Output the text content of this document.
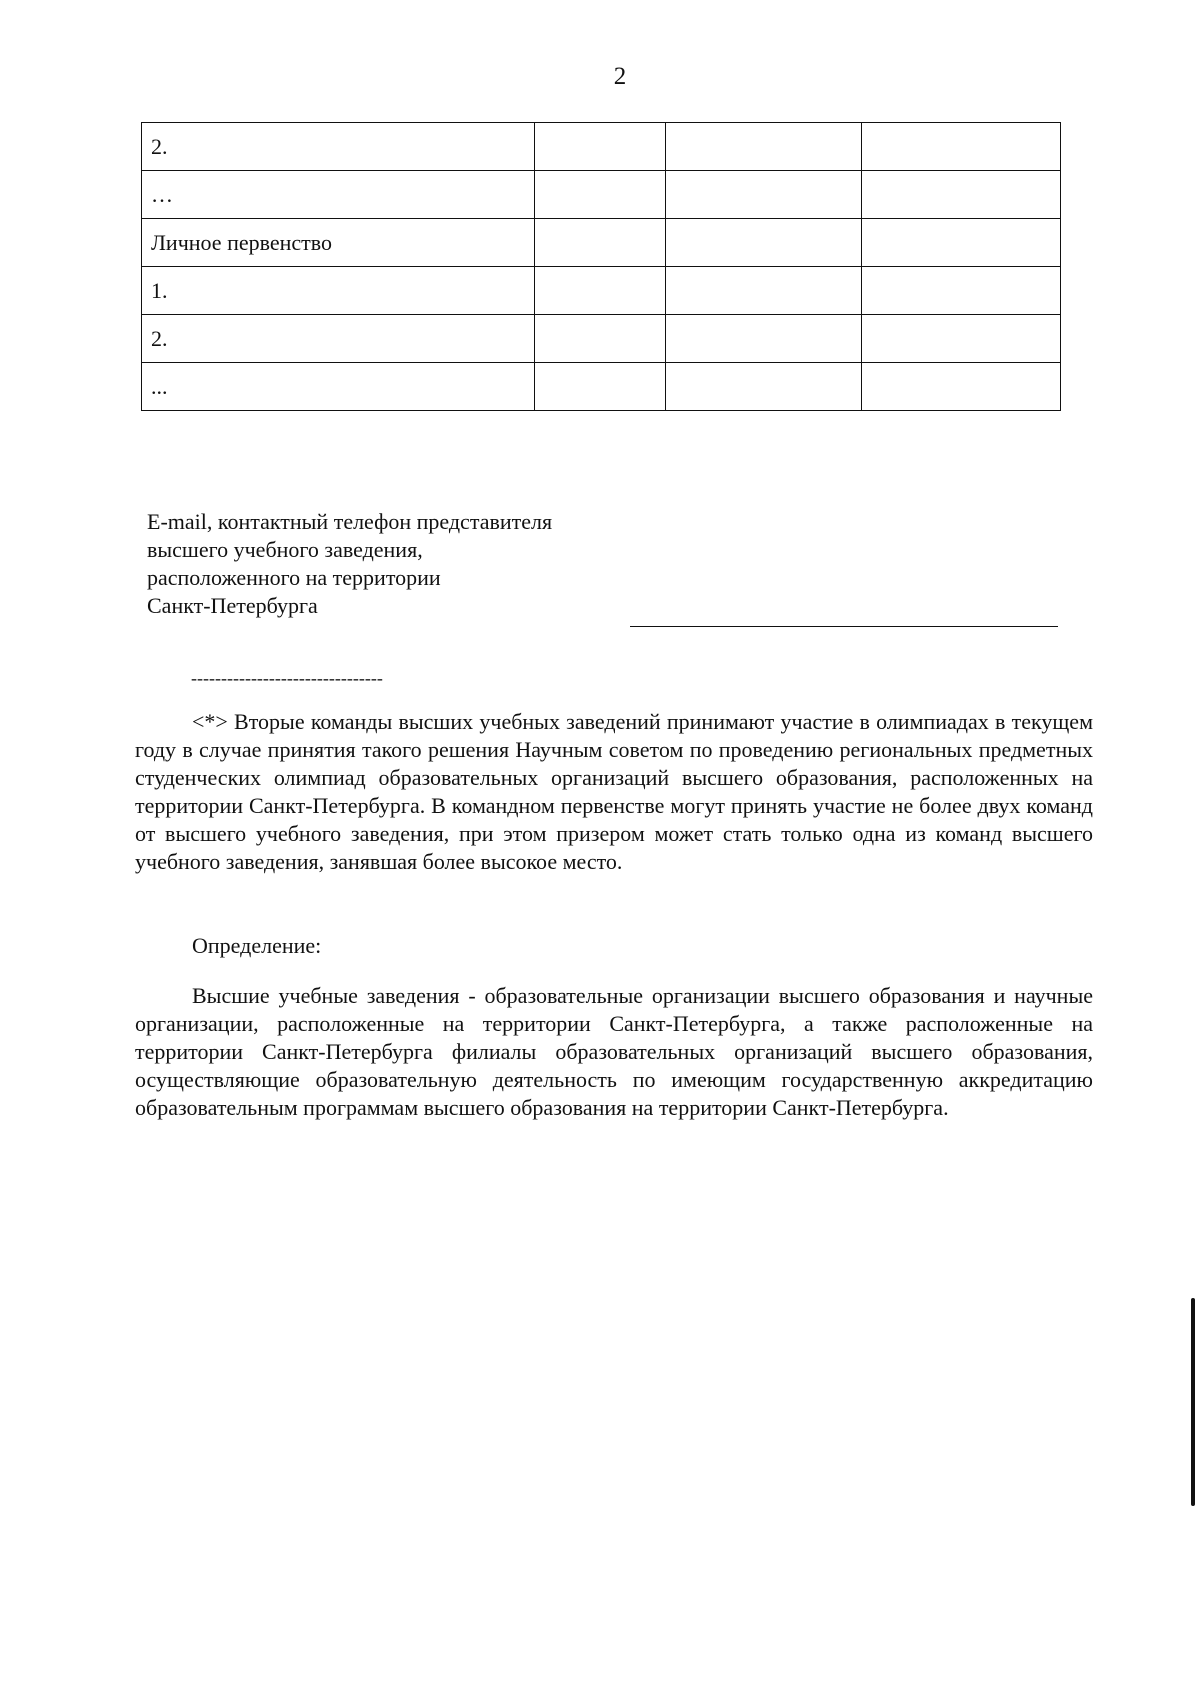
2
2.			
…			
Личное первенство			
1.			
2.			
...			
E-mail, контактный телефон представителя
высшего учебного заведения,
расположенного на территории
Санкт-Петербурга
--------------------------------
<*> Вторые команды высших учебных заведений принимают участие в олимпиадах в текущем году в случае принятия такого решения Научным советом по проведению региональных предметных студенческих олимпиад образовательных организаций высшего образования, расположенных на территории Санкт-Петербурга. В командном первенстве могут принять участие не более двух команд от высшего учебного заведения, при этом призером может стать только одна из команд высшего учебного заведения, занявшая более высокое место.
Определение:
Высшие учебные заведения - образовательные организации высшего образования и научные организации, расположенные на территории Санкт-Петербурга, а также расположенные на территории Санкт-Петербурга филиалы образовательных организаций высшего образования, осуществляющие образовательную деятельность по имеющим государственную аккредитацию образовательным программам высшего образования на территории Санкт-Петербурга.
